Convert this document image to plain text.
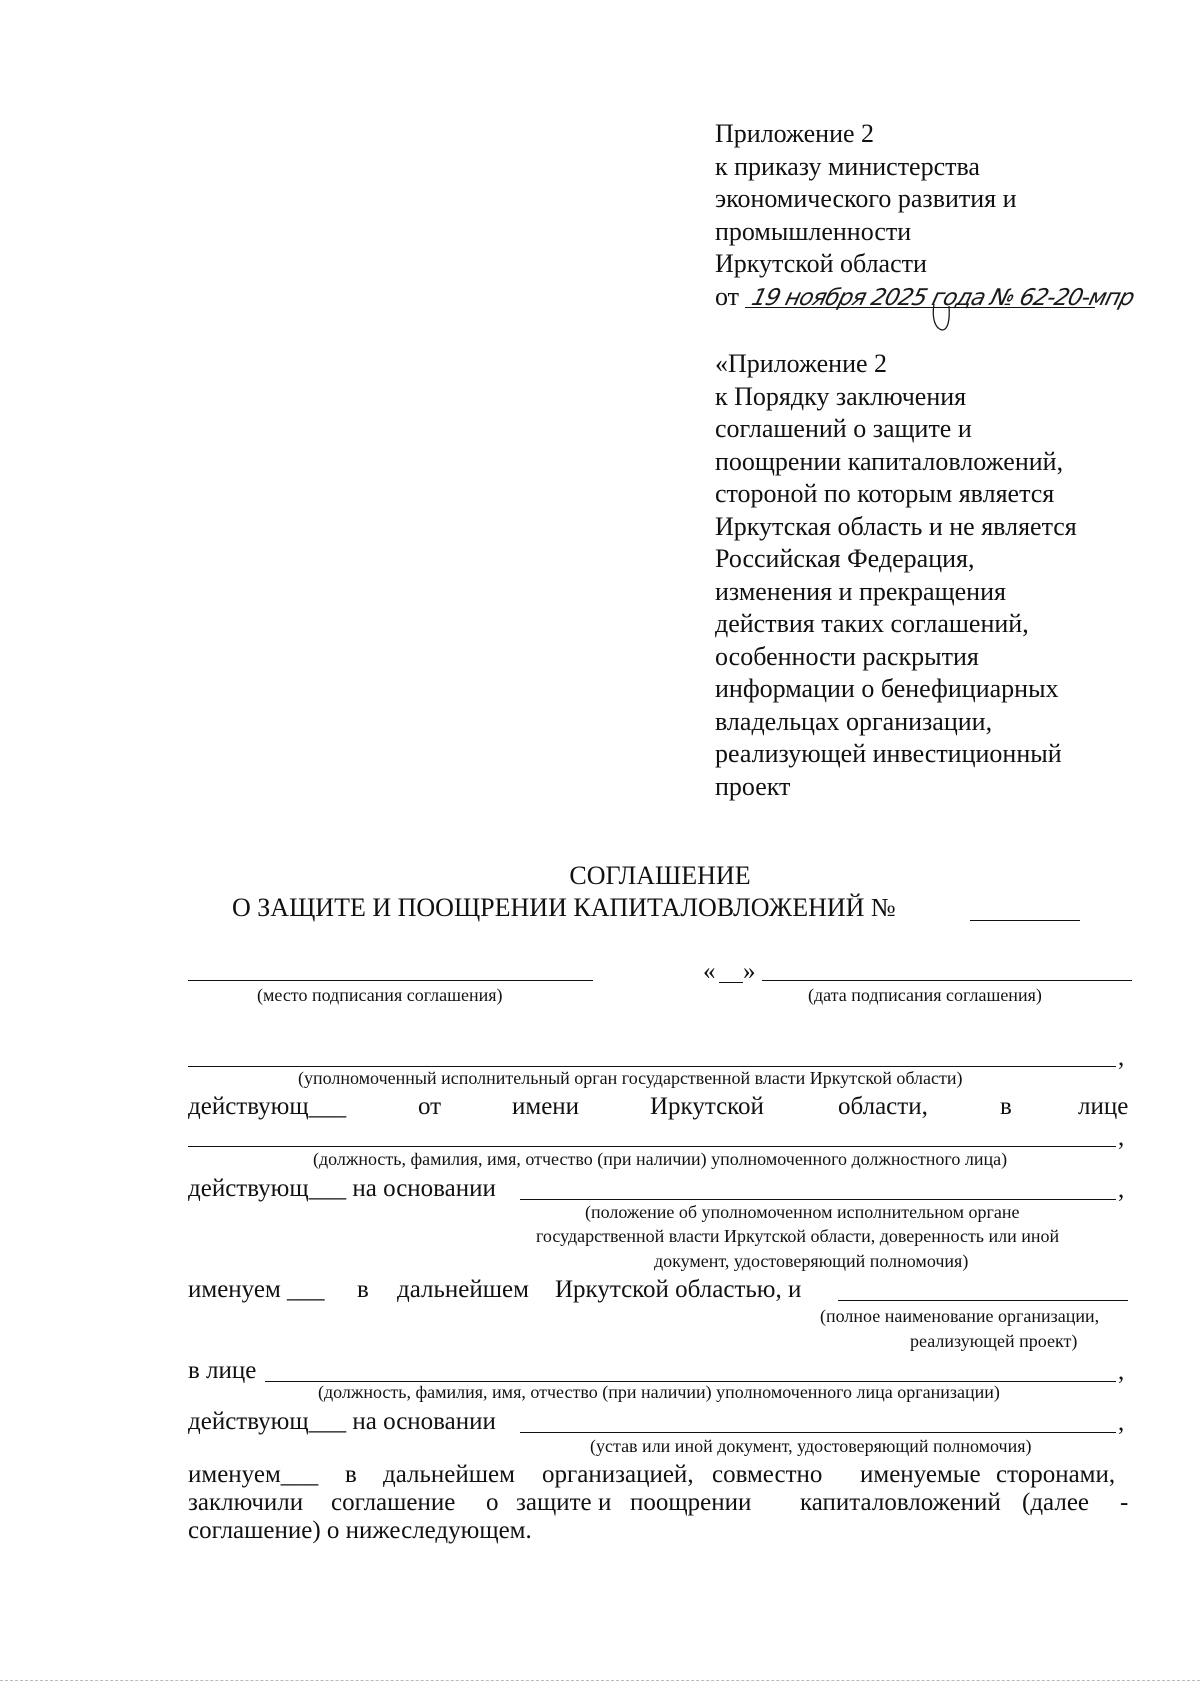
Приложение 2
к приказу министерства
экономического развития и
промышленности
Иркутской области
от 19 ноября 2025 года № 62-20-мпр
«Приложение 2
к Порядку заключения
соглашений о защите и
поощрении капиталовложений,
стороной по которым является
Иркутская область и не является
Российская Федерация,
изменения и прекращения
действия таких соглашений,
особенности раскрытия
информации о бенефициарных
владельцах организации,
реализующей инвестиционный
проект
СОГЛАШЕНИЕ
О ЗАЩИТЕ И ПООЩРЕНИИ КАПИТАЛОВЛОЖЕНИЙ №
(место подписания соглашения)
« »
(дата подписания соглашения)
,
(уполномоченный исполнительный орган государственной власти Иркутской области)
действующ___	от	имени	Иркутской	области,	в	лице
,
(должность, фамилия, имя, отчество (при наличии) уполномоченного должностного лица)
действующ___ на основании	,
(положение об уполномоченном исполнительном органе
государственной власти Иркутской области, доверенность или иной
документ, удостоверяющий полномочия)
именуем ___ в дальнейшем Иркутской областью, и
(полное наименование организации,
реализующей проект)
в лице	,
(должность, фамилия, имя, отчество (при наличии) уполномоченного лица организации)
действующ___ на основании	,
(устав или иной документ, удостоверяющий полномочия)
именуем___ в дальнейшем организацией, совместно именуемые сторонами,
заключили соглашение о защите и поощрении капиталовложений (далее -
соглашение) о нижеследующем.
